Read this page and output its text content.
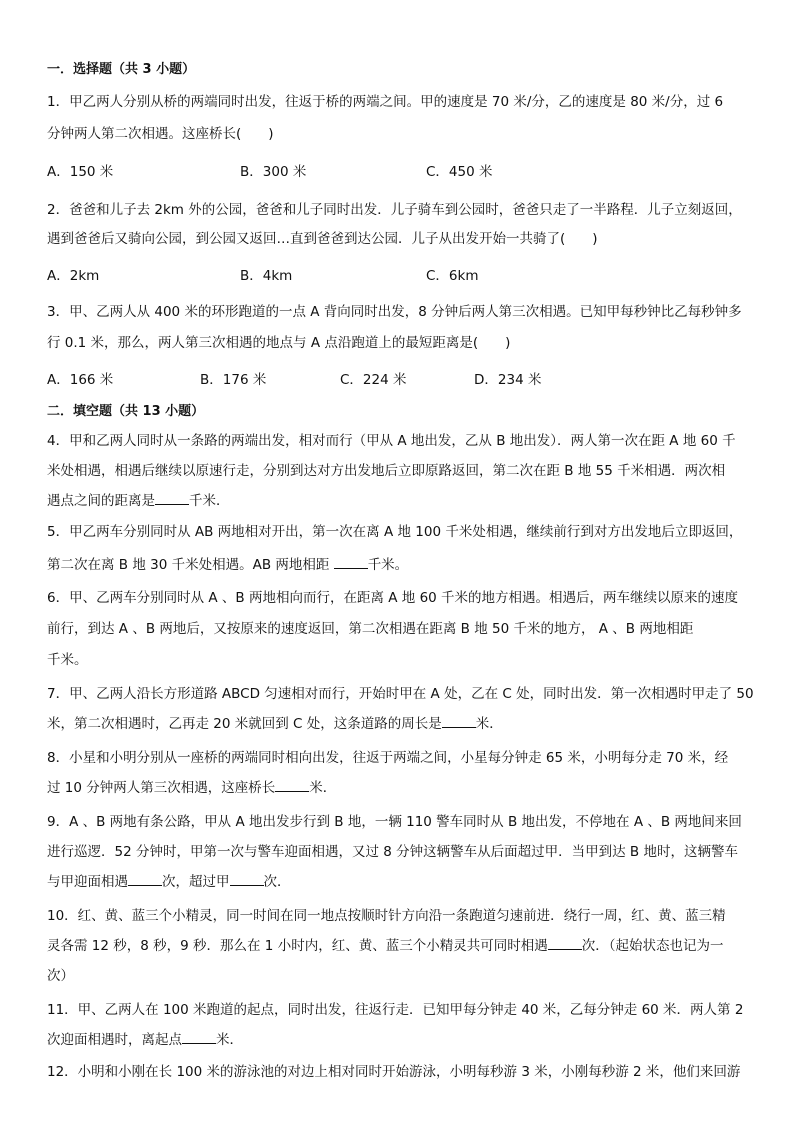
一．选择题（共 3 小题）
1．甲乙两人分别从桥的两端同时出发，往返于桥的两端之间。甲的速度是 70 米/分，乙的速度是 80 米/分，过 6
分钟两人第二次相遇。这座桥长(　　)
A．150 米	B．300 米	C．450 米
2．爸爸和儿子去 2km 外的公园，爸爸和儿子同时出发．儿子骑车到公园时，爸爸只走了一半路程．儿子立刻返回，
遇到爸爸后又骑向公园，到公园又返回…直到爸爸到达公园．儿子从出发开始一共骑了(　　)
A．2km	B．4km	C．6km
3．甲、乙两人从 400 米的环形跑道的一点 A 背向同时出发，8 分钟后两人第三次相遇。已知甲每秒钟比乙每秒钟多
行 0.1 米，那么，两人第三次相遇的地点与 A 点沿跑道上的最短距离是(　　)
A．166 米	B．176 米	C．224 米	D．234 米
二．填空题（共 13 小题）
4．甲和乙两人同时从一条路的两端出发，相对而行（甲从 A 地出发，乙从 B 地出发）．两人第一次在距 A 地 60 千
米处相遇，相遇后继续以原速行走，分别到达对方出发地后立即原路返回，第二次在距 B 地 55 千米相遇．两次相
遇点之间的距离是	千米．
5．甲乙两车分别同时从 AB 两地相对开出，第一次在离 A 地 100 千米处相遇，继续前行到对方出发地后立即返回，
第二次在离 B 地 30 千米处相遇。AB 两地相距	千米。
6．甲、乙两车分别同时从 A 、B 两地相向而行，在距离 A 地 60 千米的地方相遇。相遇后，两车继续以原来的速度
前行，到达 A 、B 两地后，又按原来的速度返回，第二次相遇在距离 B 地 50 千米的地方， A 、B 两地相距
千米。
7．甲、乙两人沿长方形道路 ABCD 匀速相对而行，开始时甲在 A 处，乙在 C 处，同时出发．第一次相遇时甲走了 50
米，第二次相遇时，乙再走 20 米就回到 C 处，这条道路的周长是	米．
8．小星和小明分别从一座桥的两端同时相向出发，往返于两端之间，小星每分钟走 65 米，小明每分走 70 米，经
过 10 分钟两人第三次相遇，这座桥长	米．
9．A 、B 两地有条公路，甲从 A 地出发步行到 B 地，一辆 110 警车同时从 B 地出发，不停地在 A 、B 两地间来回
进行巡逻．52 分钟时，甲第一次与警车迎面相遇，又过 8 分钟这辆警车从后面超过甲．当甲到达 B 地时，这辆警车
与甲迎面相遇	次，超过甲	次．
10．红、黄、蓝三个小精灵，同一时间在同一地点按顺时针方向沿一条跑道匀速前进．绕行一周，红、黄、蓝三精
灵各需 12 秒，8 秒，9 秒．那么在 1 小时内，红、黄、蓝三个小精灵共可同时相遇	次．（起始状态也记为一
次）
11．甲、乙两人在 100 米跑道的起点，同时出发，往返行走．已知甲每分钟走 40 米，乙每分钟走 60 米．两人第 2
次迎面相遇时，离起点	米．
12．小明和小刚在长 100 米的游泳池的对边上相对同时开始游泳，小明每秒游 3 米，小刚每秒游 2 米，他们来回游
